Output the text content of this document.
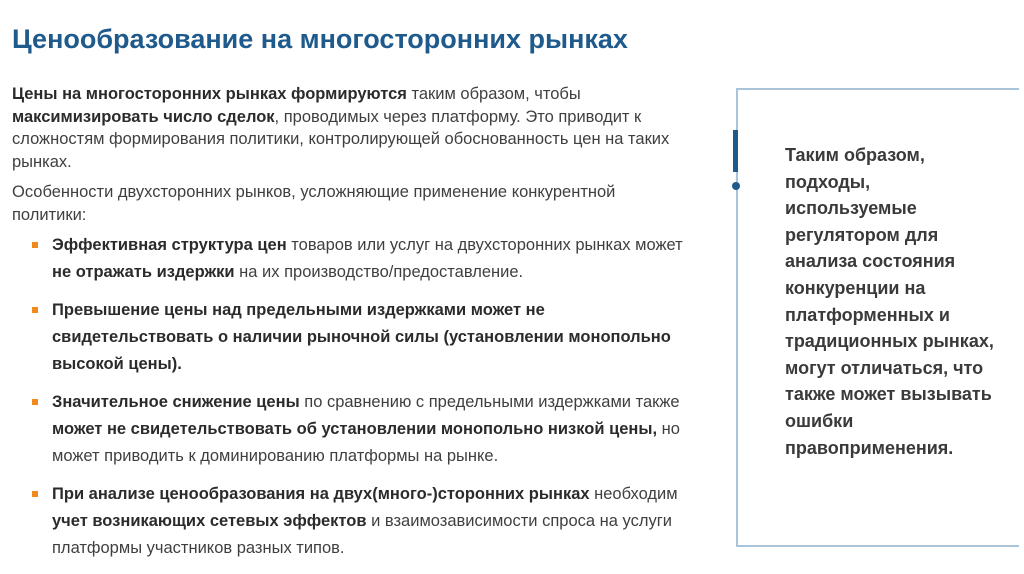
Ценообразование на многосторонних рынках

Цены на многосторонних рынках формируются таким образом, чтобы максимизировать число сделок, проводимых через платформу. Это приводит к сложностям формирования политики, контролирующей обоснованность цен на таких рынках.

Особенности двухсторонних рынков, усложняющие применение конкурентной политики:

Эффективная структура цен товаров или услуг на двухсторонних рынках может не отражать издержки на их производство/предоставление.
Превышение цены над предельными издержками может не свидетельствовать о наличии рыночной силы (установлении монопольно высокой цены).
Значительное снижение цены по сравнению с предельными издержками также может не свидетельствовать об установлении монопольно низкой цены, но может приводить к доминированию платформы на рынке.
При анализе ценообразования на двух(много-)сторонних рынках необходим учет возникающих сетевых эффектов и взаимозависимости спроса на услуги платформы участников разных типов.
Таким образом, подходы, используемые регулятором для анализа состояния конкуренции на платформенных и традиционных рынках, могут отличаться, что также может вызывать ошибки правоприменения.
